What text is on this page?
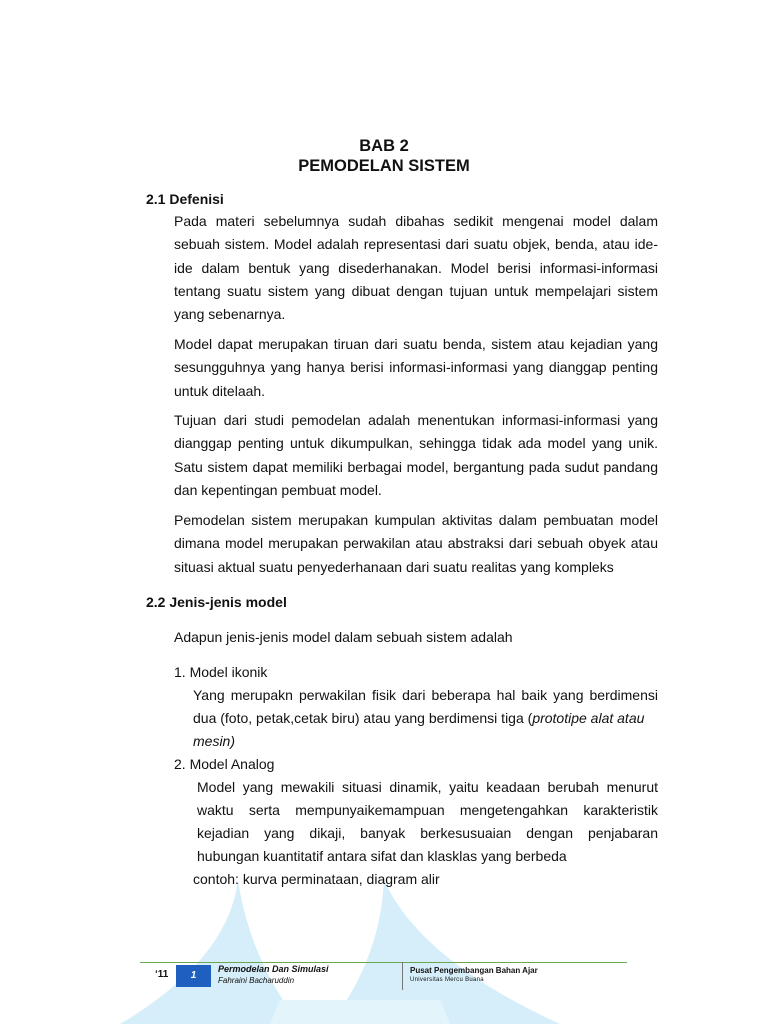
BAB 2
PEMODELAN SISTEM
2.1 Defenisi
Pada materi sebelumnya sudah dibahas sedikit mengenai model dalam sebuah sistem. Model adalah representasi dari suatu objek, benda, atau ide-ide dalam bentuk yang disederhanakan. Model berisi informasi-informasi tentang suatu sistem yang dibuat dengan tujuan untuk mempelajari sistem yang sebenarnya.
Model dapat merupakan tiruan dari suatu benda, sistem atau kejadian yang sesungguhnya yang hanya berisi informasi-informasi yang dianggap penting untuk ditelaah.
Tujuan dari studi pemodelan adalah menentukan informasi-informasi yang dianggap penting untuk dikumpulkan, sehingga tidak ada model yang unik. Satu sistem dapat memiliki berbagai model, bergantung pada sudut pandang dan kepentingan pembuat model.
Pemodelan sistem merupakan kumpulan aktivitas dalam pembuatan model dimana model merupakan perwakilan atau abstraksi dari sebuah obyek atau situasi aktual suatu penyederhanaan dari suatu realitas yang kompleks
2.2 Jenis-jenis model
Adapun jenis-jenis model dalam sebuah sistem adalah
1. Model ikonik
Yang merupakn perwakilan fisik dari beberapa hal baik yang berdimensi
dua (foto, petak,cetak biru) atau yang berdimensi tiga (prototipe alat atau
mesin)
2. Model Analog
Model yang mewakili situasi dinamik, yaitu keadaan berubah menurut
waktu serta mempunyaikemampuan mengetengahkan karakteristik
kejadian yang dikaji, banyak berkesusuaian dengan penjabaran
hubungan kuantitatif antara sifat dan klasklas yang berbeda
contoh: kurva perminataan, diagram alir
‘11	1
Permodelan Dan Simulasi
Fahraini Bacharuddin
Pusat Pengembangan Bahan Ajar
Universitas Mercu Buana
